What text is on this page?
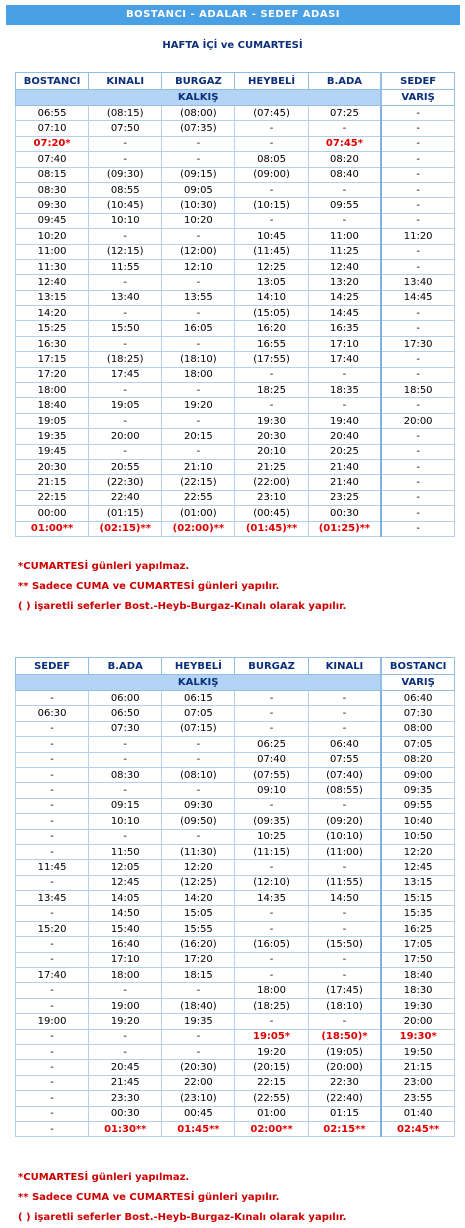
BOSTANCI - ADALAR - SEDEF ADASI
HAFTA İÇİ ve CUMARTESİ
BOSTANCI	KINALI	BURGAZ	HEYBELİ	B.ADA	SEDEF
KALKIŞ					VARIŞ
06:55	(08:15)	(08:00)	(07:45)	07:25	-
07:10	07:50	(07:35)	-	-	-
07:20*	-	-	-	07:45*	-
07:40	-	-	08:05	08:20	-
08:15	(09:30)	(09:15)	(09:00)	08:40	-
08:30	08:55	09:05	-	-	-
09:30	(10:45)	(10:30)	(10:15)	09:55	-
09:45	10:10	10:20	-	-	-
10:20	-	-	10:45	11:00	11:20
11:00	(12:15)	(12:00)	(11:45)	11:25	-
11:30	11:55	12:10	12:25	12:40	-
12:40	-	-	13:05	13:20	13:40
13:15	13:40	13:55	14:10	14:25	14:45
14:20	-	-	(15:05)	14:45	-
15:25	15:50	16:05	16:20	16:35	-
16:30	-	-	16:55	17:10	17:30
17:15	(18:25)	(18:10)	(17:55)	17:40	-
17:20	17:45	18:00	-	-	-
18:00	-	-	18:25	18:35	18:50
18:40	19:05	19:20	-	-	-
19:05	-	-	19:30	19:40	20:00
19:35	20:00	20:15	20:30	20:40	-
19:45	-	-	20:10	20:25	-
20:30	20:55	21:10	21:25	21:40	-
21:15	(22:30)	(22:15)	(22:00)	21:40	-
22:15	22:40	22:55	23:10	23:25	-
00:00	(01:15)	(01:00)	(00:45)	00:30	-
01:00**	(02:15)**	(02:00)**	(01:45)**	(01:25)**	-
*CUMARTESİ günleri yapılmaz.
** Sadece CUMA ve CUMARTESİ günleri yapılır.
( ) işaretli seferler Bost.-Heyb-Burgaz-Kınalı olarak yapılır.
SEDEF	B.ADA	HEYBELİ	BURGAZ	KINALI	BOSTANCI
KALKIŞ					VARIŞ
-	06:00	06:15	-	-	06:40
06:30	06:50	07:05	-	-	07:30
-	07:30	(07:15)	-	-	08:00
-	-	-	06:25	06:40	07:05
-	-	-	07:40	07:55	08:20
-	08:30	(08:10)	(07:55)	(07:40)	09:00
-	-	-	09:10	(08:55)	09:35
-	09:15	09:30	-	-	09:55
-	10:10	(09:50)	(09:35)	(09:20)	10:40
-	-	-	10:25	(10:10)	10:50
-	11:50	(11:30)	(11:15)	(11:00)	12:20
11:45	12:05	12:20	-	-	12:45
-	12:45	(12:25)	(12:10)	(11:55)	13:15
13:45	14:05	14:20	14:35	14:50	15:15
-	14:50	15:05	-	-	15:35
15:20	15:40	15:55	-	-	16:25
-	16:40	(16:20)	(16:05)	(15:50)	17:05
-	17:10	17:20	-	-	17:50
17:40	18:00	18:15	-	-	18:40
-	-	-	18:00	(17:45)	18:30
-	19:00	(18:40)	(18:25)	(18:10)	19:30
19:00	19:20	19:35	-	-	20:00
-	-	-	19:05*	(18:50)*	19:30*
-	-	-	19:20	(19:05)	19:50
-	20:45	(20:30)	(20:15)	(20:00)	21:15
-	21:45	22:00	22:15	22:30	23:00
-	23:30	(23:10)	(22:55)	(22:40)	23:55
-	00:30	00:45	01:00	01:15	01:40
-	01:30**	01:45**	02:00**	02:15**	02:45**
*CUMARTESİ günleri yapılmaz.
** Sadece CUMA ve CUMARTESİ günleri yapılır.
( ) işaretli seferler Bost.-Heyb-Burgaz-Kınalı olarak yapılır.
